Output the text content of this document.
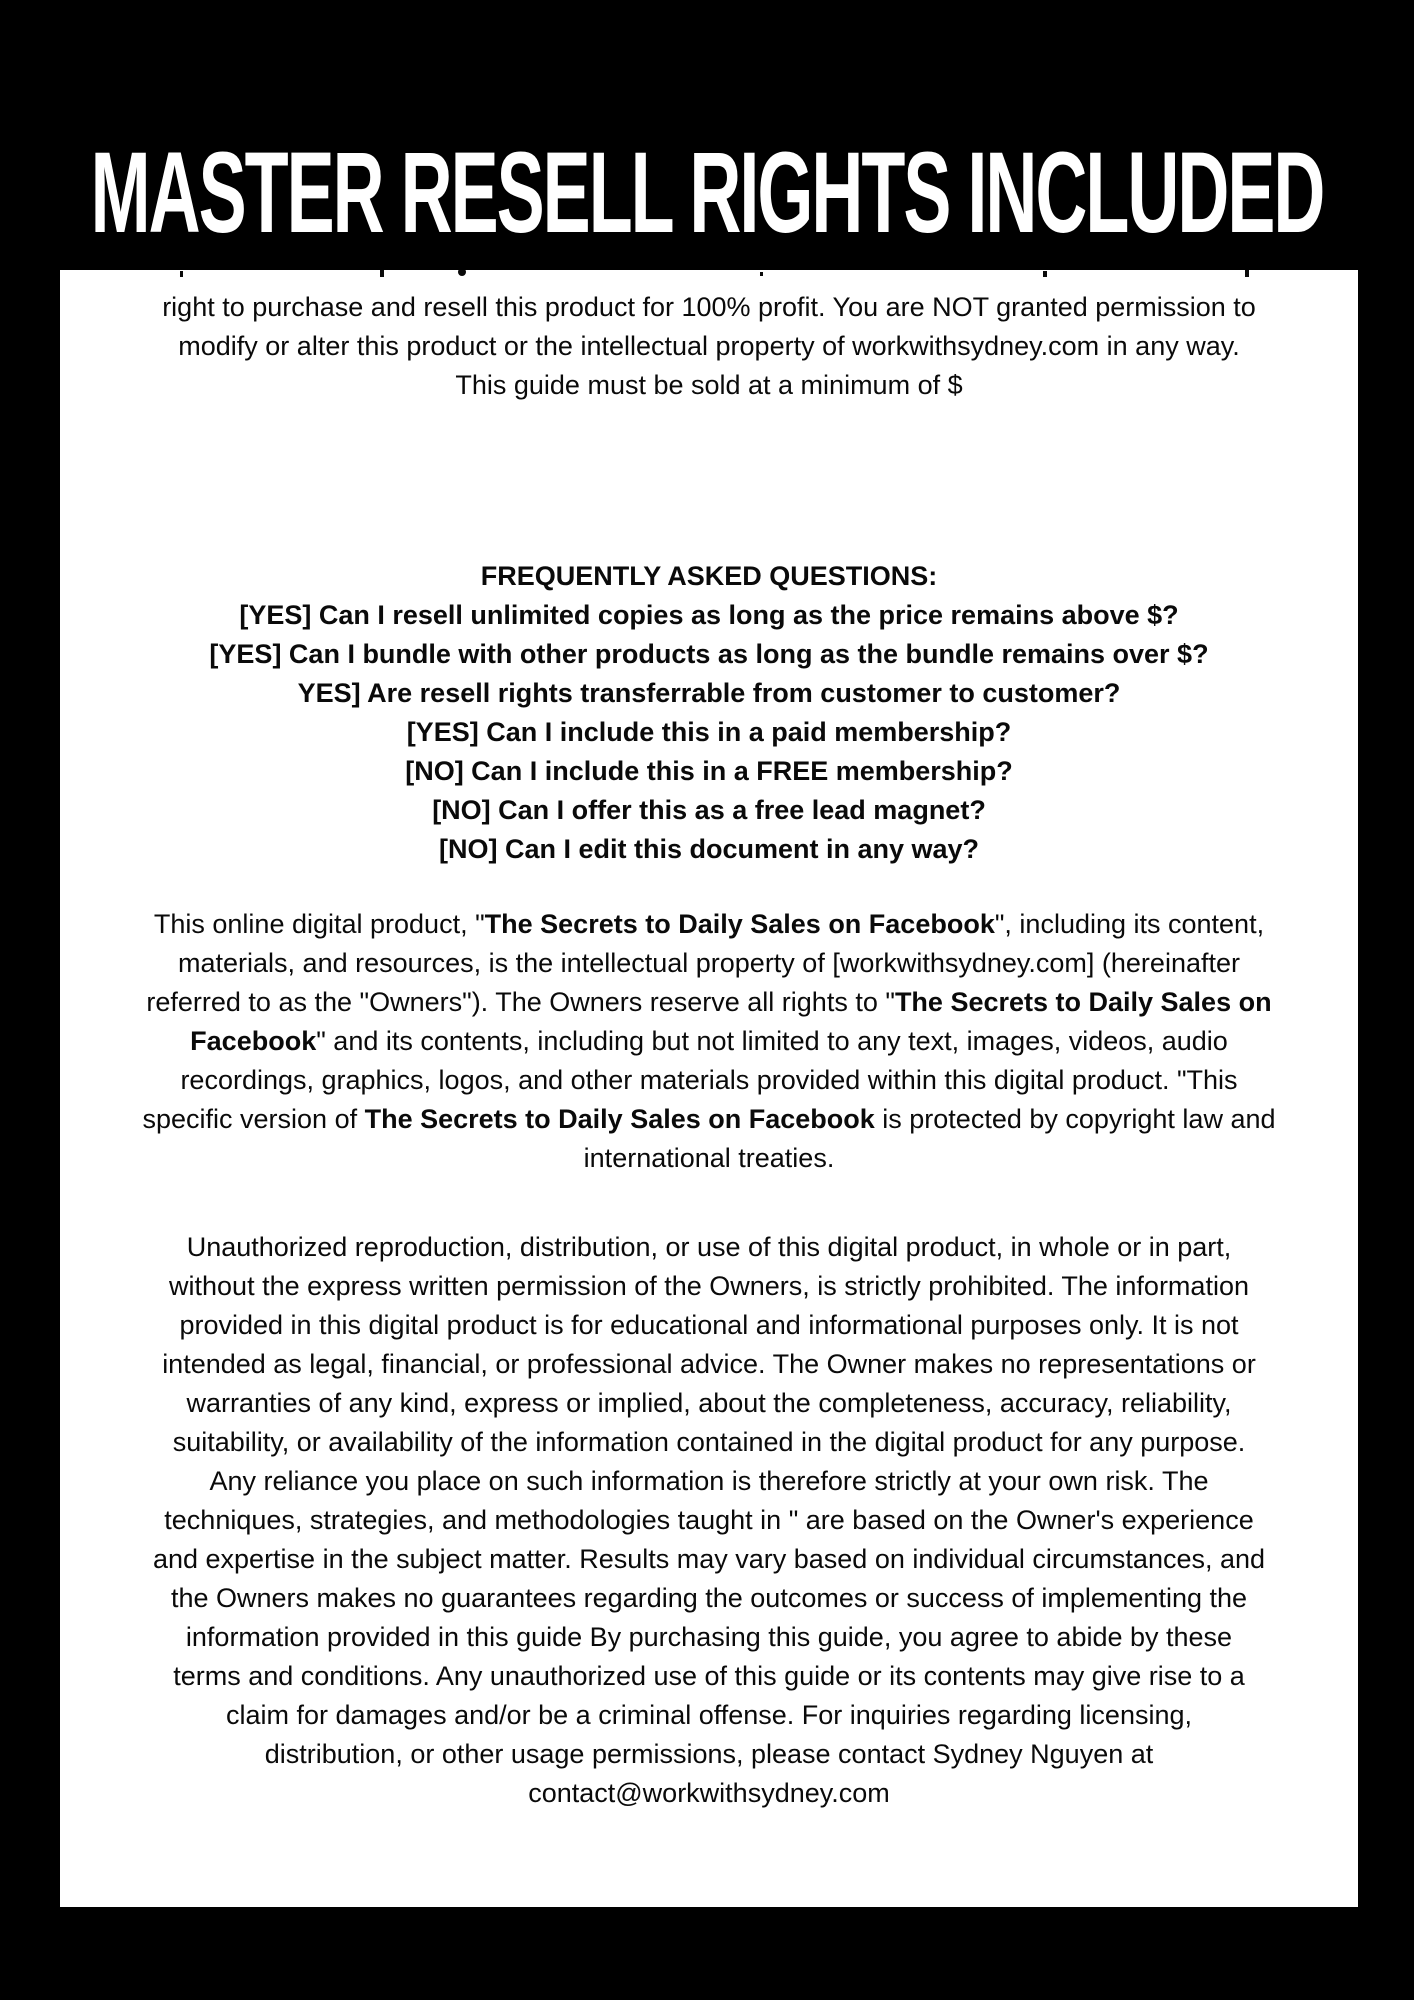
MASTER RESELL RIGHTS INCLUDED
right to purchase and resell this product for 100% profit. You are NOT granted permission to
modify or alter this product or the intellectual property of workwithsydney.com in any way.
This guide must be sold at a minimum of $
FREQUENTLY ASKED QUESTIONS:
[YES] Can I resell unlimited copies as long as the price remains above $?
[YES] Can I bundle with other products as long as the bundle remains over $?
YES] Are resell rights transferrable from customer to customer?
[YES] Can I include this in a paid membership?
[NO] Can I include this in a FREE membership?
[NO] Can I offer this as a free lead magnet?
[NO] Can I edit this document in any way?
This online digital product, "The Secrets to Daily Sales on Facebook", including its content,
materials, and resources, is the intellectual property of [workwithsydney.com] (hereinafter
referred to as the "Owners"). The Owners reserve all rights to "The Secrets to Daily Sales on
Facebook" and its contents, including but not limited to any text, images, videos, audio
recordings, graphics, logos, and other materials provided within this digital product. "This
specific version of The Secrets to Daily Sales on Facebook is protected by copyright law and
international treaties.
Unauthorized reproduction, distribution, or use of this digital product, in whole or in part,
without the express written permission of the Owners, is strictly prohibited. The information
provided in this digital product is for educational and informational purposes only. It is not
intended as legal, financial, or professional advice. The Owner makes no representations or
warranties of any kind, express or implied, about the completeness, accuracy, reliability,
suitability, or availability of the information contained in the digital product for any purpose.
Any reliance you place on such information is therefore strictly at your own risk. The
techniques, strategies, and methodologies taught in " are based on the Owner's experience
and expertise in the subject matter. Results may vary based on individual circumstances, and
the Owners makes no guarantees regarding the outcomes or success of implementing the
information provided in this guide By purchasing this guide, you agree to abide by these
terms and conditions. Any unauthorized use of this guide or its contents may give rise to a
claim for damages and/or be a criminal offense. For inquiries regarding licensing,
distribution, or other usage permissions, please contact Sydney Nguyen at
contact@workwithsydney.com
